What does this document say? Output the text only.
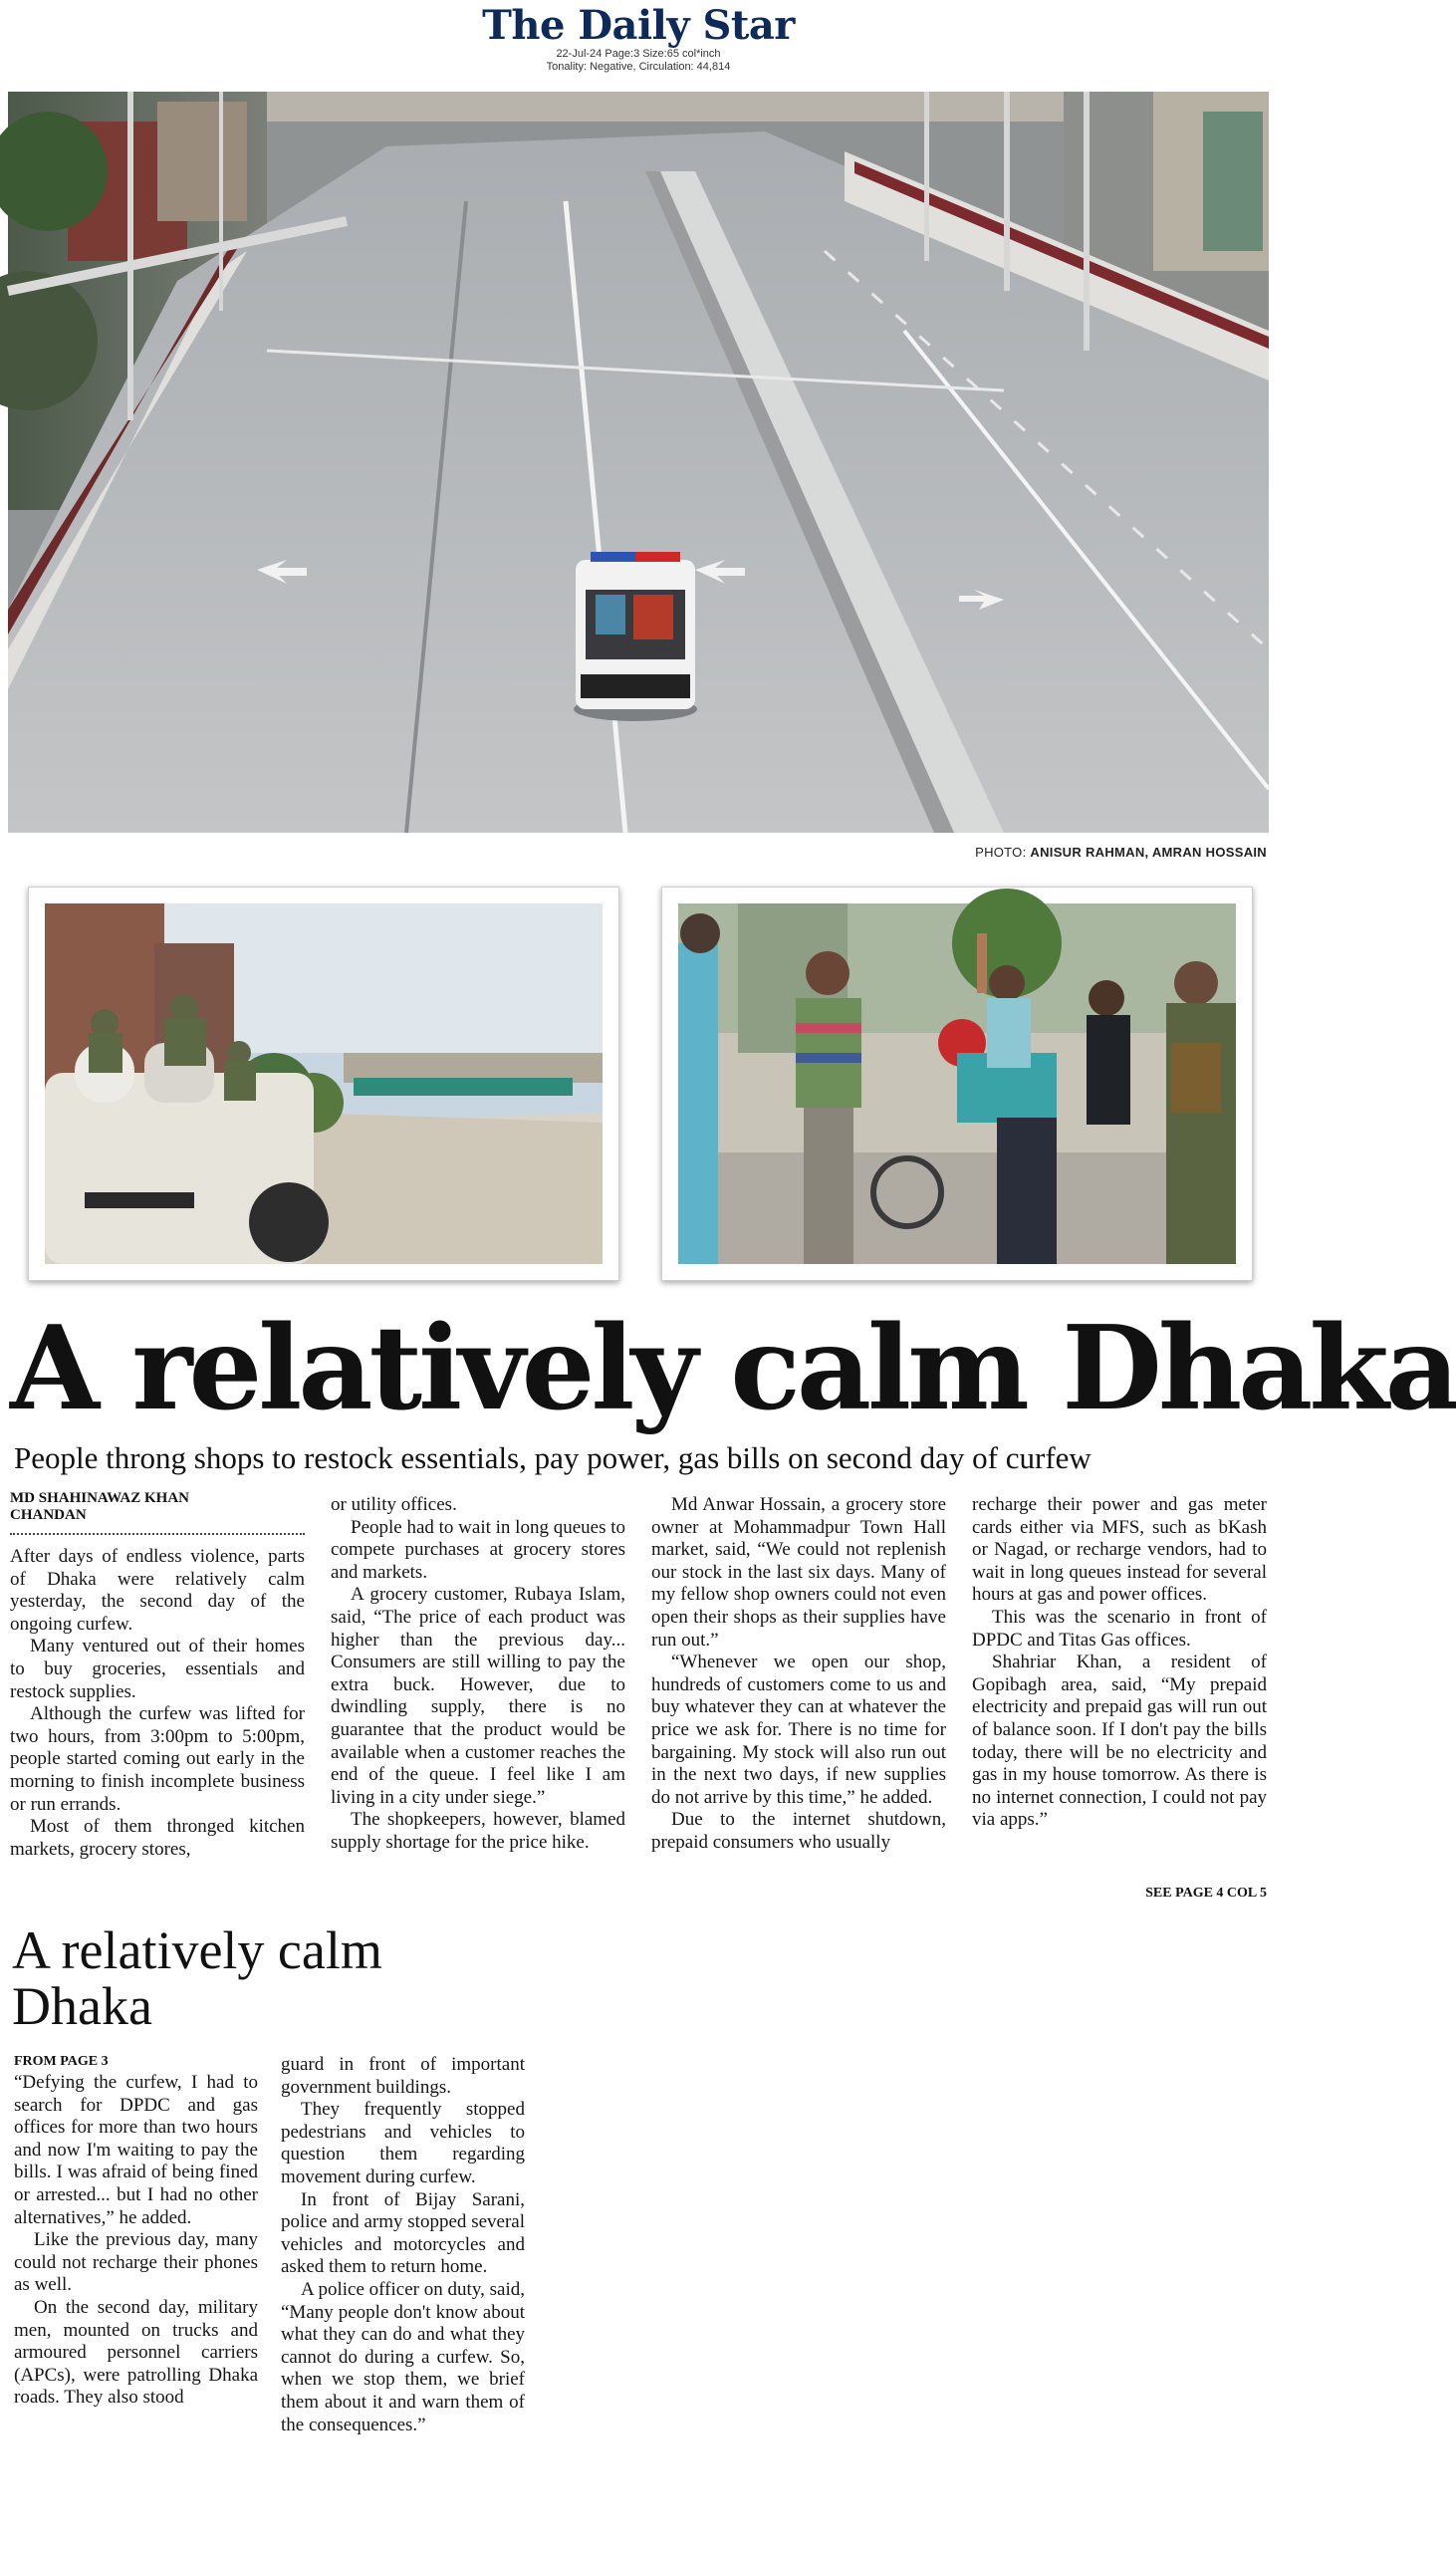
The Daily Star
22-Jul-24 Page:3 Size:65 col*inch
Tonality: Negative, Circulation: 44,814
PHOTO: ANISUR RAHMAN, AMRAN HOSSAIN
A relatively calm Dhaka
People throng shops to restock essentials, pay power, gas bills on second day of curfew
MD SHAHINAWAZ KHAN
CHANDAN

After days of endless violence, parts of Dhaka were relatively calm yesterday, the second day of the ongoing curfew.

Many ventured out of their homes to buy groceries, essentials and restock supplies.

Although the curfew was lifted for two hours, from 3:00pm to 5:00pm, people started coming out early in the morning to finish incomplete business or run errands.

Most of them thronged kitchen markets, grocery stores,

or utility offices.

People had to wait in long queues to compete purchases at grocery stores and markets.

A grocery customer, Rubaya Islam, said, “The price of each product was higher than the previous day... Consumers are still willing to pay the extra buck. However, due to dwindling supply, there is no guarantee that the product would be available when a customer reaches the end of the queue. I feel like I am living in a city under siege.”

The shopkeepers, however, blamed supply shortage for the price hike.

Md Anwar Hossain, a grocery store owner at Mohammadpur Town Hall market, said, “We could not replenish our stock in the last six days. Many of my fellow shop owners could not even open their shops as their supplies have run out.”

“Whenever we open our shop, hundreds of customers come to us and buy whatever they can at whatever the price we ask for. There is no time for bargaining. My stock will also run out in the next two days, if new supplies do not arrive by this time,” he added.

Due to the internet shutdown, prepaid consumers who usually

recharge their power and gas meter cards either via MFS, such as bKash or Nagad, or recharge vendors, had to wait in long queues instead for several hours at gas and power offices.

This was the scenario in front of DPDC and Titas Gas offices.

Shahriar Khan, a resident of Gopibagh area, said, “My prepaid electricity and prepaid gas will run out of balance soon. If I don't pay the bills today, there will be no electricity and gas in my house tomorrow. As there is no internet connection, I could not pay via apps.”

SEE PAGE 4 COL 5
A relatively calm
Dhaka
FROM PAGE 3

“Defying the curfew, I had to search for DPDC and gas offices for more than two hours and now I'm waiting to pay the bills. I was afraid of being fined or arrested... but I had no other alternatives,” he added.

Like the previous day, many could not recharge their phones as well.

On the second day, military men, mounted on trucks and armoured personnel carriers (APCs), were patrolling Dhaka roads. They also stood

guard in front of important government buildings.

They frequently stopped pedestrians and vehicles to question them regarding movement during curfew.

In front of Bijay Sarani, police and army stopped several vehicles and motorcycles and asked them to return home.

A police officer on duty, said, “Many people don't know about what they can do and what they cannot do during a curfew. So, when we stop them, we brief them about it and warn them of the consequences.”
